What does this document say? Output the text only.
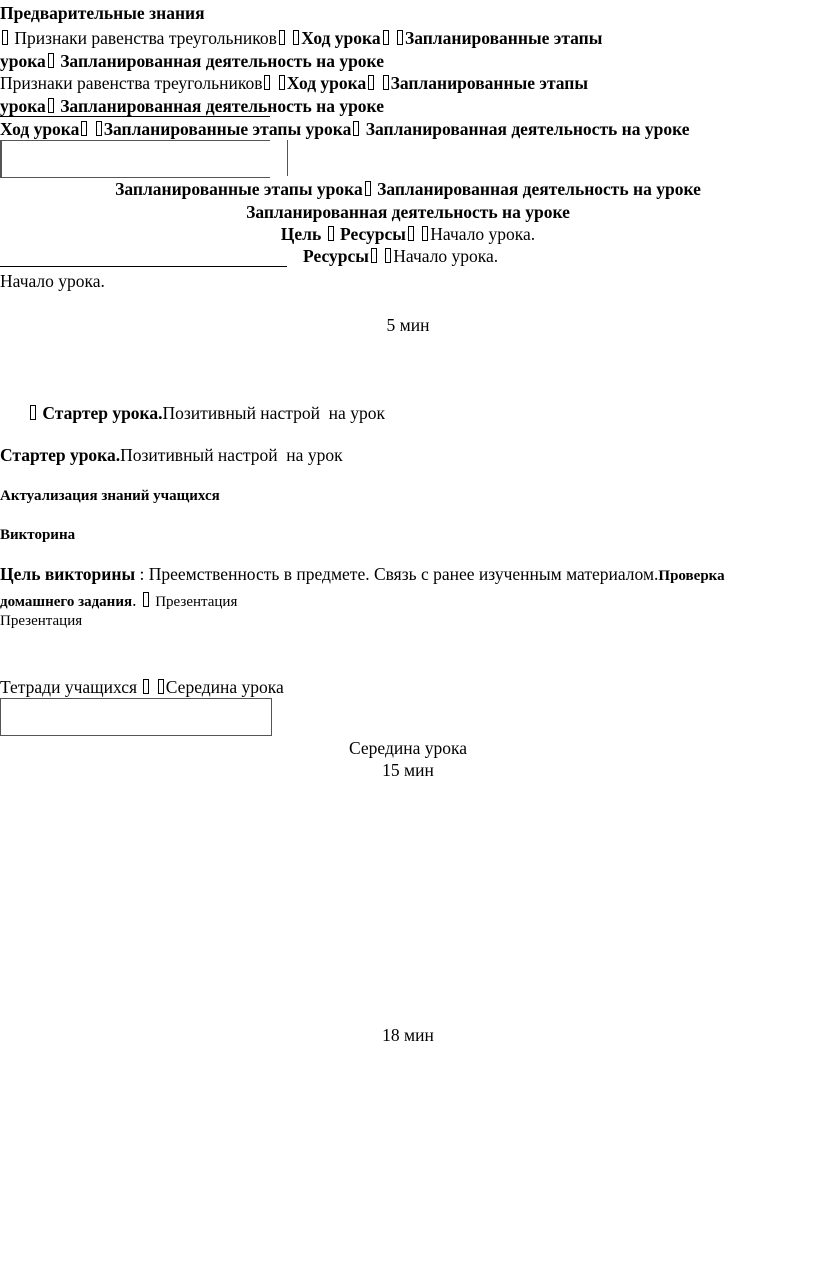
Предварительные знания
Признаки равенства треугольников Ход урока Запланированные этапы
урока Запланированная деятельность на уроке
Признаки равенства треугольников Ход урока Запланированные этапы
урока Запланированная деятельность на уроке
Ход урока Запланированные этапы урока Запланированная деятельность на уроке
Запланированные этапы урока Запланированная деятельность на уроке
Запланированная деятельность на уроке
Цель Ресурсы Начало урока.
Ресурсы Начало урока.
Начало урока.
5 мин
Стартер урока.Позитивный настрой  на урок
Стартер урока.Позитивный настрой  на урок
Актуализация знаний учащихся
Викторина
Цель викторины : Преемственность в предмете. Связь с ранее изученным материалом.Проверка
домашнего задания. Презентация
Презентация
Тетради учащихся  Середина урока
Середина урока
15 мин
18 мин
